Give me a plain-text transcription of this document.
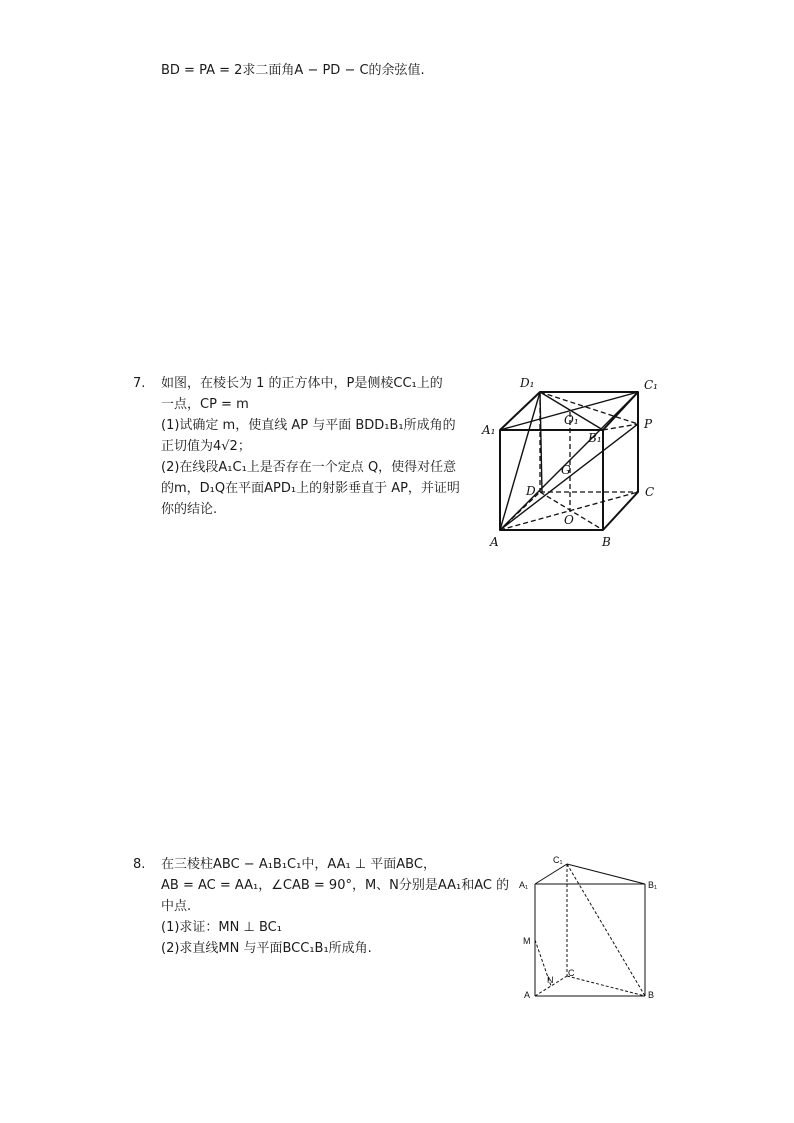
BD = PA = 2求二面角A − PD − C的余弦值.
7. 如图，在棱长为 1 的正方体中，P是侧棱CC₁上的
一点，CP = m
(1)试确定 m，使直线 AP 与平面 BDD₁B₁所成角的
正切值为4√2；
(2)在线段A₁C₁上是否存在一个定点 Q，使得对任意
的m，D₁Q在平面APD₁上的射影垂直于 AP，并证明
你的结论.
D₁	C₁
A₁
O₁
B₁
P
G
D	C
O
A	B
8. 在三棱柱ABC − A₁B₁C₁中，AA₁ ⊥ 平面ABC，
AB = AC = AA₁，∠CAB = 90°，M、N分别是AA₁和AC 的
中点.
(1)求证：MN ⊥ BC₁
(2)求直线MN 与平面BCC₁B₁所成角.
C₁
A₁	B₁
M
N
C
A	B
